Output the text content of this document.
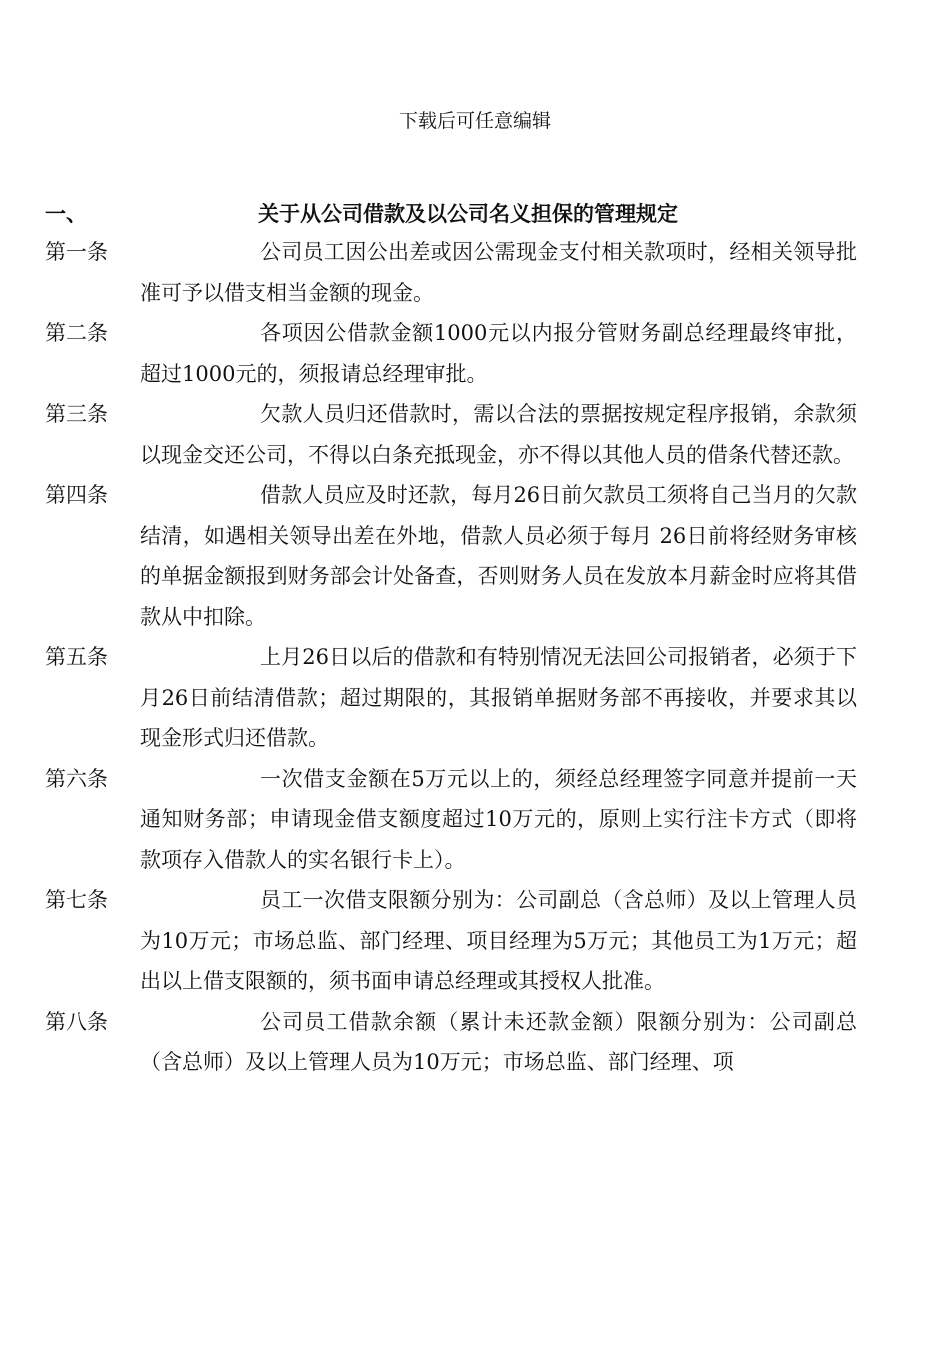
下载后可任意编辑
一、	关于从公司借款及以公司名义担保的管理规定
第一条	公司员工因公出差或因公需现金支付相关款项时，经相关领导批准可予以借支相当金额的现金。
第二条	各项因公借款金额1000元以内报分管财务副总经理最终审批，超过1000元的，须报请总经理审批。
第三条	欠款人员归还借款时，需以合法的票据按规定程序报销，余款须以现金交还公司，不得以白条充抵现金，亦不得以其他人员的借条代替还款。
第四条	借款人员应及时还款，每月26日前欠款员工须将自己当月的欠款结清，如遇相关领导出差在外地，借款人员必须于每月 26日前将经财务审核的单据金额报到财务部会计处备查，否则财务人员在发放本月薪金时应将其借款从中扣除。
第五条	上月26日以后的借款和有特别情况无法回公司报销者，必须于下月26日前结清借款；超过期限的，其报销单据财务部不再接收，并要求其以现金形式归还借款。
第六条	一次借支金额在5万元以上的，须经总经理签字同意并提前一天通知财务部；申请现金借支额度超过10万元的，原则上实行注卡方式（即将款项存入借款人的实名银行卡上）。
第七条	员工一次借支限额分别为：公司副总（含总师）及以上管理人员为10万元；市场总监、部门经理、项目经理为5万元；其他员工为1万元；超出以上借支限额的，须书面申请总经理或其授权人批准。
第八条	公司员工借款余额（累计未还款金额）限额分别为：公司副总（含总师）及以上管理人员为10万元；市场总监、部门经理、项
